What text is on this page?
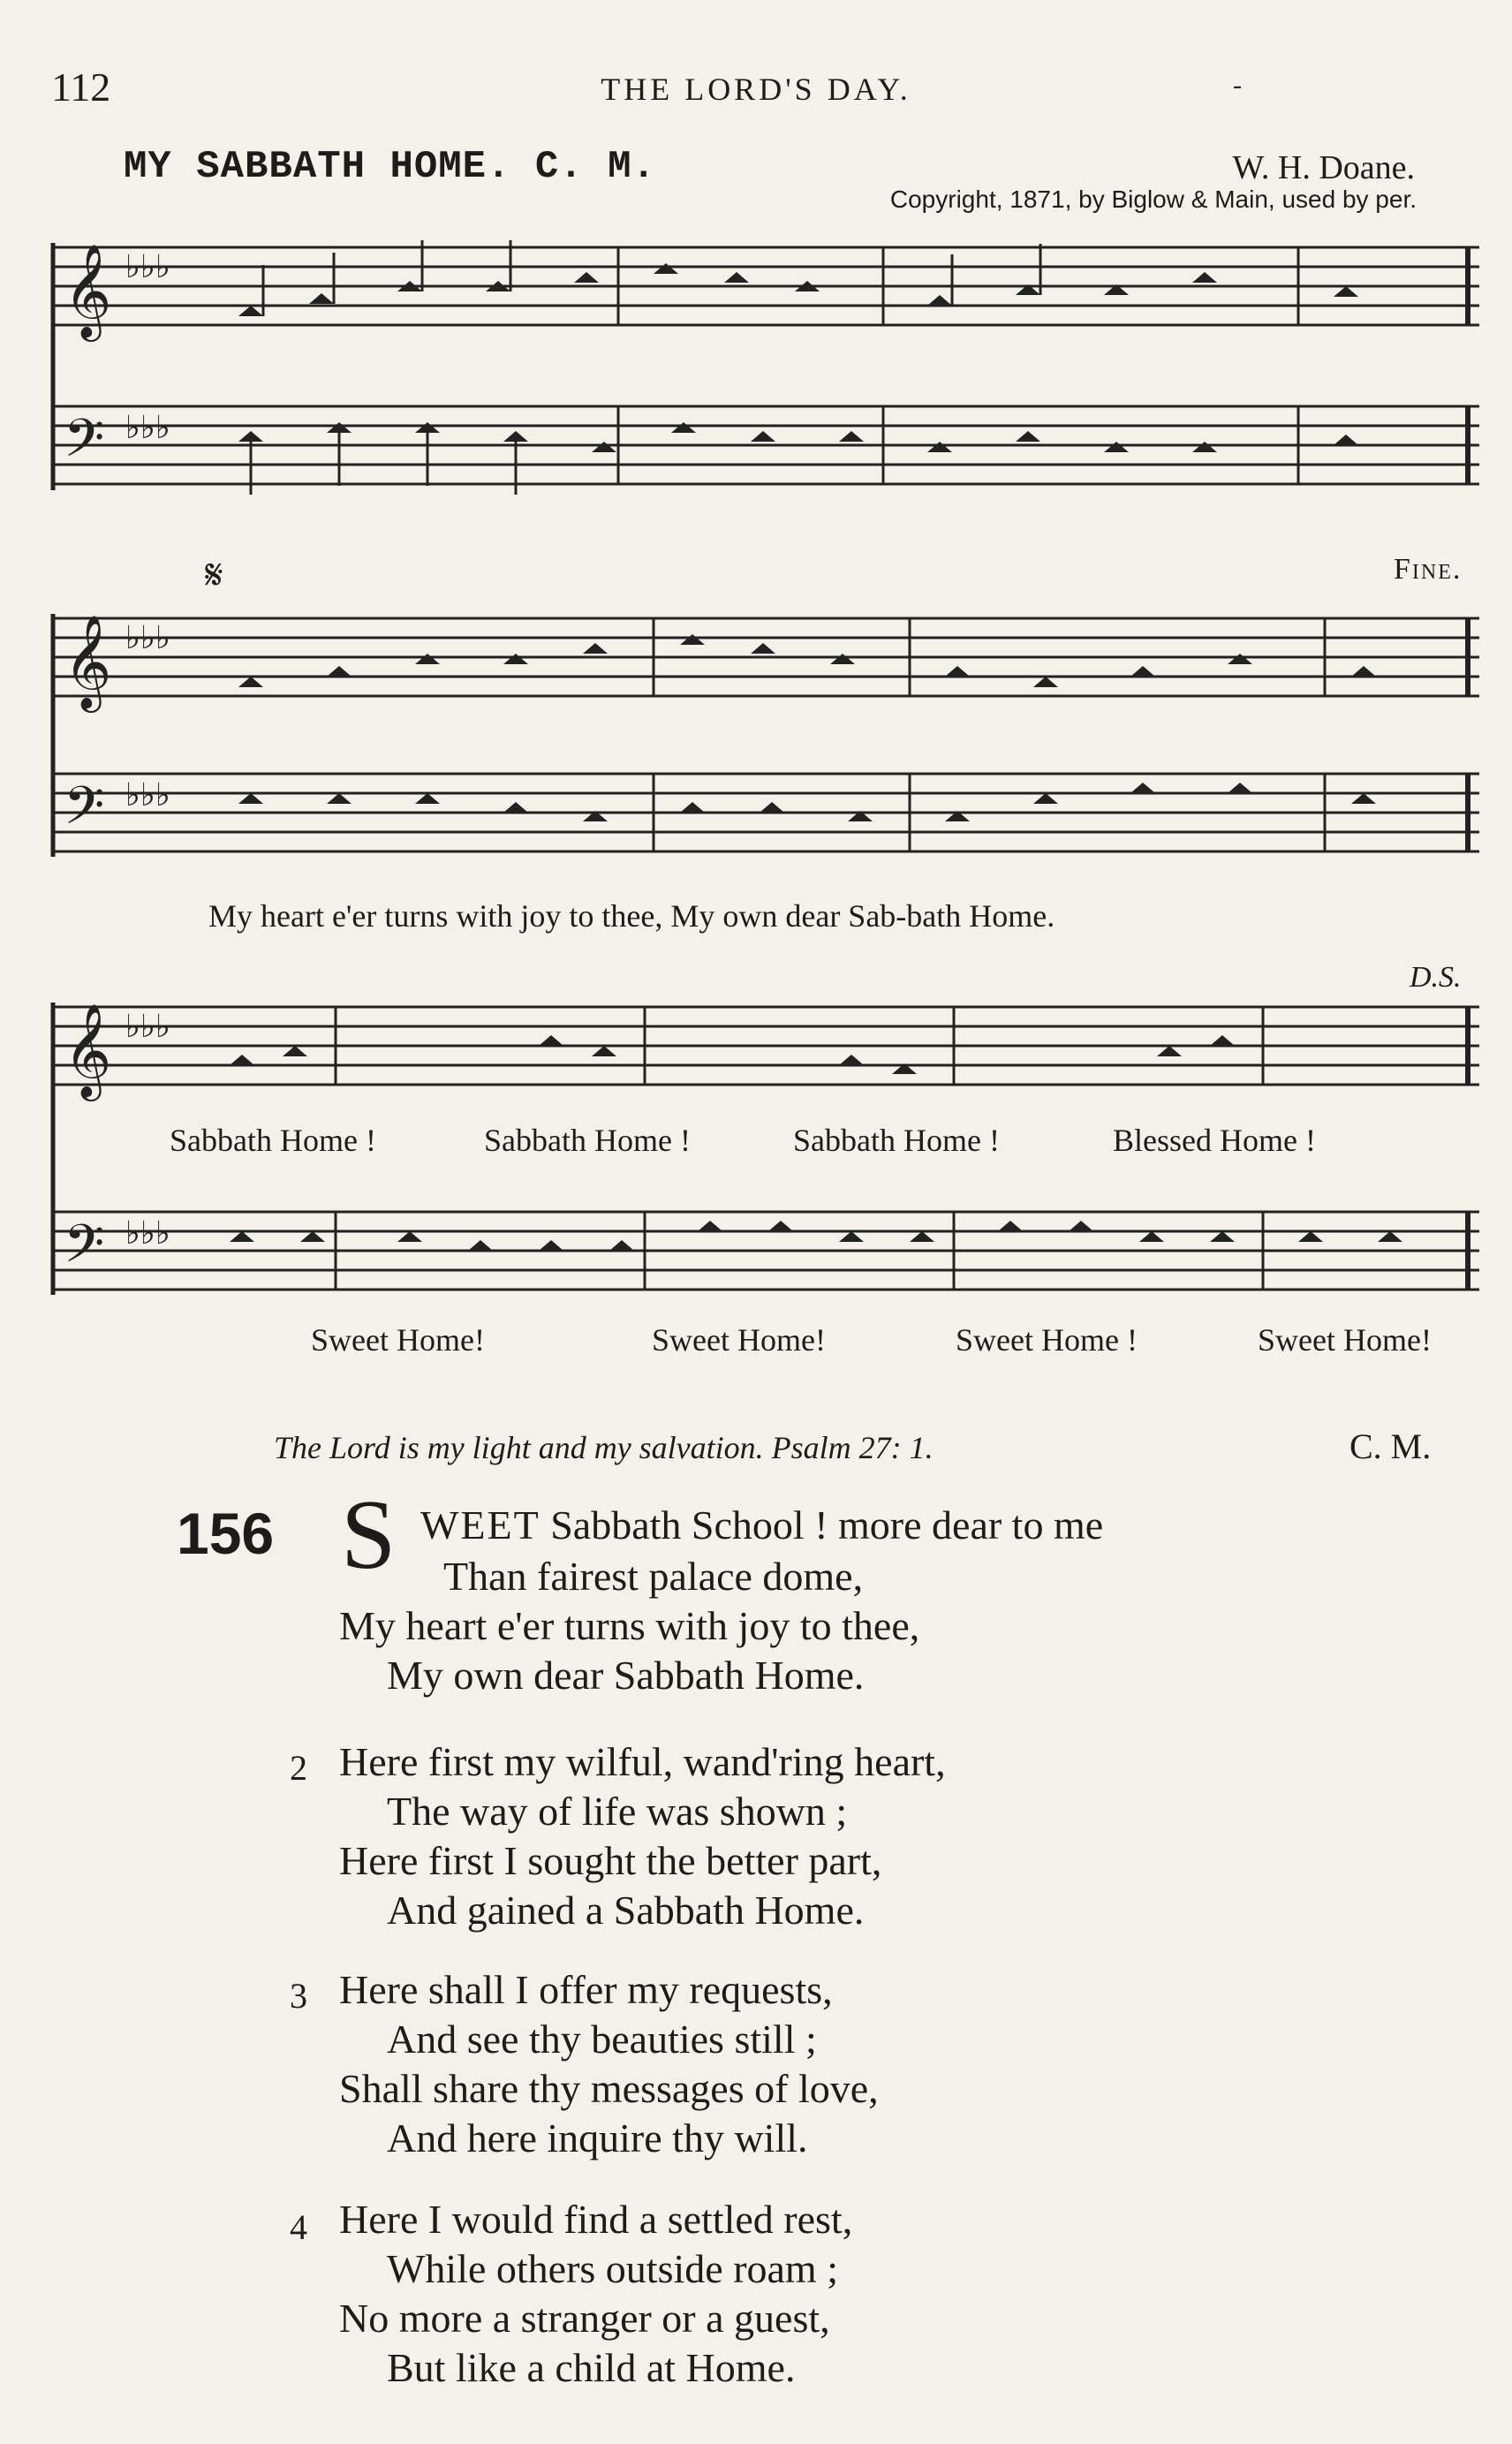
112	THE LORD'S DAY.	-
MY SABBATH HOME. C. M.	W. H. Doane.
Copyright, 1871, by Biglow & Main, used by per.
𝄞
𝄢
♭♭♭
♭♭♭
𝄋	Fine.
𝄞
𝄢
♭♭♭
♭♭♭
My heart e'er turns with joy to thee, My own dear Sab-bath Home.
D.S.
𝄞
𝄢
♭♭♭
♭♭♭
Sabbath Home !	Sabbath Home !	Sabbath Home !	Blessed Home !
Sweet Home!	Sweet Home!	Sweet Home !	Sweet Home!
The Lord is my light and my salvation. Psalm 27: 1.	C. M.
156 S WEET Sabbath School ! more dear to me
Than fairest palace dome,
My heart e'er turns with joy to thee,
My own dear Sabbath Home.
2 Here first my wilful, wand'ring heart,
The way of life was shown ;
Here first I sought the better part,
And gained a Sabbath Home.
3 Here shall I offer my requests,
And see thy beauties still ;
Shall share thy messages of love,
And here inquire thy will.
4 Here I would find a settled rest,
While others outside roam ;
No more a stranger or a guest,
But like a child at Home.
